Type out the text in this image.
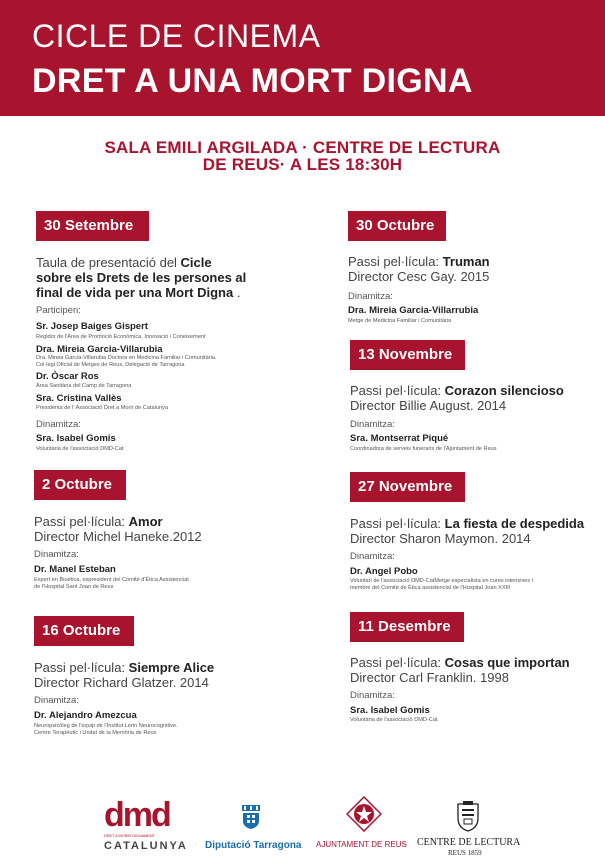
CICLE DE CINEMA
DRET A UNA MORT DIGNA
SALA EMILI ARGILADA · CENTRE DE LECTURA
DE REUS· A LES 18:30H
30 Setembre
Taula de presentació del Cicle
sobre els Drets de les persones al
final de vida per una Mort Digna .
Participen:
Sr. Josep Baiges Gispert
Regidor de l'Àrea de Promoció Econòmica, Innovació i Coneixement
Dra. Mireia Garcia-Villarubia
Dra. Mireia Garcia-Villarubia Doctora en Medicina Familiar i Comunitària.
Col·legi Oficial de Metges de Reus, Delegació de Tarragona
Dr. Òscar Ros
Àrea Sanitària del Camp de Tarragona
Sra. Cristina Vallès
Presidenta de l' Associació Dret a Morir de Catalunya
Dinamitza:
Sra. Isabel Gomis
Voluntària de l'associació DMD-Cat
2 Octubre
Passi pel·lícula: Amor
Director Michel Haneke.2012
Dinamitza:
Dr. Manel Esteban
Expert en Bioètica, expresident del Comitè d'Ètica Assistencial
de l'Hospital Sant Joan de Reus
16 Octubre
Passi pel·lícula: Siempre Alice
Director Richard Glatzer. 2014
Dinamitza:
Dr. Alejandro Amezcua
Neuropsicòleg de l'equip de l'Institut Lerin Neurocognitive.
Centre Terapèutic i Unitat de la Memòria de Reus
30 Octubre
Passi pel·lícula: Truman
Director Cesc Gay. 2015
Dinamitza:
Dra. Mireia Garcia-Villarrubia
Metge de Medicina Familiar i Comunitària
13 Novembre
Passi pel·lícula: Corazon silencioso
Director Billie August. 2014
Dinamitza:
Sra. Montserrat Piqué
Coordinadora de serveis funeraris de l'Ajuntament de Reus
27 Novembre
Passi pel·lícula: La fiesta de despedida
Director Sharon Maymon. 2014
Dinamitza:
Dr. Angel Pobo
Voluntari de l'associació DMD-CatMetge especialista en cures intensives i
membre del Comitè de Ètica assistencial de l'Hospital Joan XXIII
11 Desembre
Passi pel·lícula: Cosas que importan
Director Carl Franklin. 1998
Dinamitza:
Sra. Isabel Gomis
Voluntària de l'associació DMD-Cat
dmd
DRET A MORIR DIGNAMENT
CATALUNYA Diputació Tarragona AJUNTAMENT DE REUS CENTRE DE LECTURA
REUS 1859
